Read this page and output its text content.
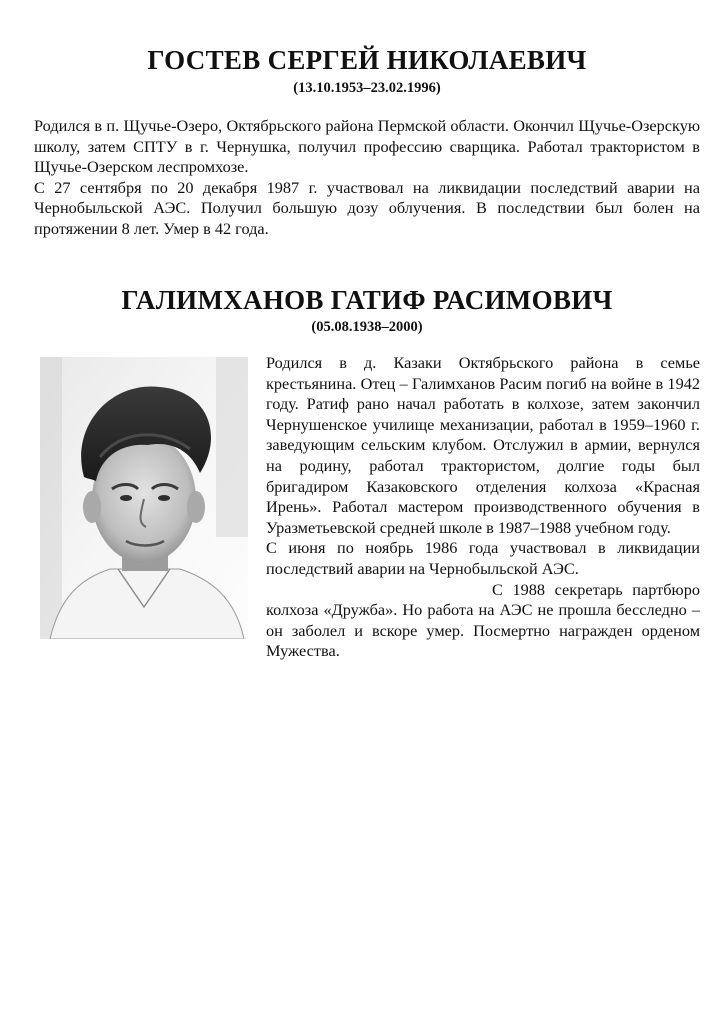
ГОСТЕВ СЕРГЕЙ НИКОЛАЕВИЧ

(13.10.1953–23.02.1996)

Родился в п. Щучье-Озеро, Октябрьского района Пермской области. Окончил Щучье-Озерскую школу, затем СПТУ в г. Чернушка, получил профессию сварщика. Работал трактористом в Щучье-Озерском леспромхозе.

С 27 сентября по 20 декабря 1987 г. участвовал на ликвидации последствий аварии на Чернобыльской АЭС. Получил большую дозу облучения. В последствии был болен на протяжении 8 лет. Умер в 42 года.

ГАЛИМХАНОВ ГАТИФ РАСИМОВИЧ

(05.08.1938–2000)

Родился в д. Казаки Октябрьского района в семье крестьянина. Отец – Галимханов Расим погиб на войне в 1942 году. Ратиф рано начал работать в колхозе, затем закончил Чернушенское училище механизации, работал в 1959–1960 г. заведующим сельским клубом. Отслужил в армии, вернулся на родину, работал трактористом, долгие годы был бригадиром Казаковского отделения колхоза «Красная Ирень». Работал мастером производственного обучения в Уразметьевской средней школе в 1987–1988 учебном году.

С июня по ноябрь 1986 года участвовал в ликвидации последствий аварии на Чернобыльской АЭС.

С 1988 секретарь партбюро колхоза «Дружба». Но работа на АЭС не прошла бесследно – он заболел и вскоре умер. Посмертно награжден орденом Мужества.
